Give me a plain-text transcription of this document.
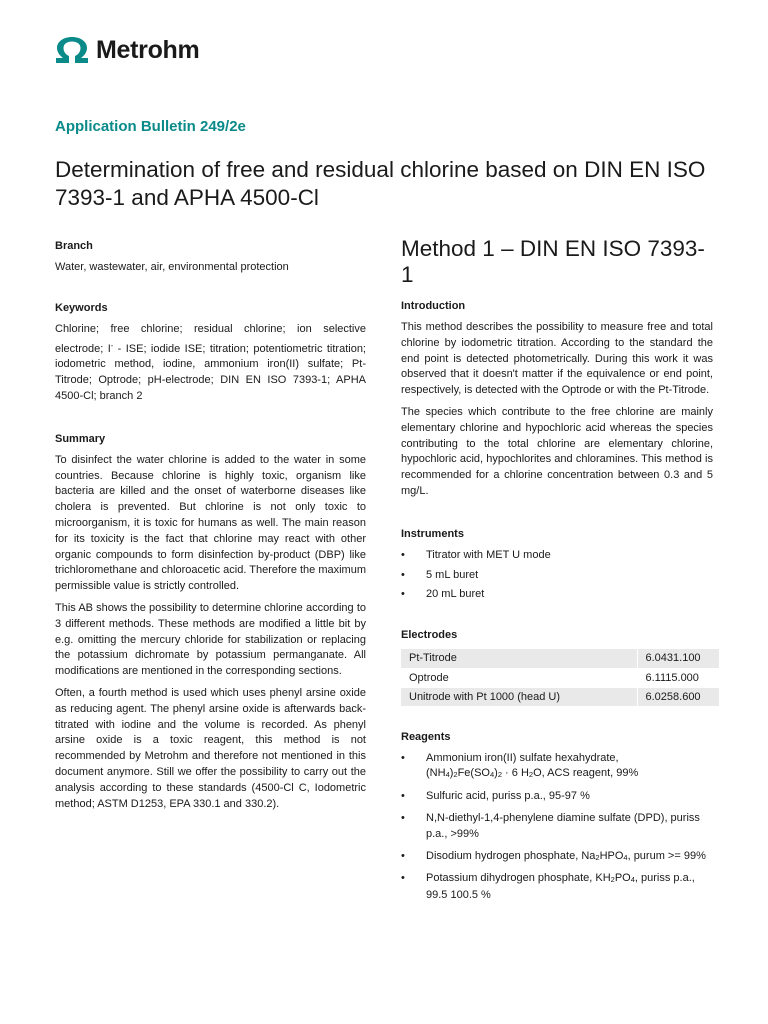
Metrohm
Application Bulletin 249/2e
Determination of free and residual chlorine based on DIN EN ISO 7393-1 and APHA 4500-Cl
Branch
Water, wastewater, air, environmental protection
Keywords
Chlorine; free chlorine; residual chlorine; ion selective electrode; I- - ISE; iodide ISE; titration; potentiometric titration; iodometric method, iodine, ammonium iron(II) sulfate; Pt-Titrode; Optrode; pH-electrode; DIN EN ISO 7393-1; APHA 4500-Cl; branch 2
Summary
To disinfect the water chlorine is added to the water in some countries. Because chlorine is highly toxic, organism like bacteria are killed and the onset of waterborne diseases like cholera is prevented. But chlorine is not only toxic to microorganism, it is toxic for humans as well. The main reason for its toxicity is the fact that chlorine may react with other organic compounds to form disinfection by-product (DBP) like trichloromethane and chloroacetic acid. Therefore the maximum permissible value is strictly controlled.
This AB shows the possibility to determine chlorine according to 3 different methods. These methods are modified a little bit by e.g. omitting the mercury chloride for stabilization or replacing the potassium dichromate by potassium permanganate. All modifications are mentioned in the corresponding sections.
Often, a fourth method is used which uses phenyl arsine oxide as reducing agent. The phenyl arsine oxide is afterwards back-titrated with iodine and the volume is recorded. As phenyl arsine oxide is a toxic reagent, this method is not recommended by Metrohm and therefore not mentioned in this document anymore. Still we offer the possibility to carry out the analysis according to these standards (4500-Cl C, Iodometric method; ASTM D1253, EPA 330.1 and 330.2).
Method 1 – DIN EN ISO 7393-1
Introduction
This method describes the possibility to measure free and total chlorine by iodometric titration. According to the standard the end point is detected photometrically. During this work it was observed that it doesn't matter if the equivalence or end point, respectively, is detected with the Optrode or with the Pt-Titrode.
The species which contribute to the free chlorine are mainly elementary chlorine and hypochloric acid whereas the species contributing to the total chlorine are elementary chlorine, hypochloric acid, hypochlorites and chloramines. This method is recommended for a chlorine concentration between 0.3 and 5 mg/L.
Instruments
• Titrator with MET U mode
• 5 mL buret
• 20 mL buret
Electrodes
Pt-Titrode	6.0431.100
Optrode	6.1115.000
Unitrode with Pt 1000 (head U)	6.0258.600
Reagents
• Ammonium iron(II) sulfate hexahydrate,
$(NH_4)_2Fe(SO_4)_2 \cdot 6$ $H_2O$, ACS reagent, 99%
• Sulfuric acid, puriss p.a., 95-97 %
• N,N-diethyl-1,4-phenylene diamine sulfate (DPD), puriss p.a., >99%
• Disodium hydrogen phosphate, $Na_2HPO_4$, purum >= 99%
• Potassium dihydrogen phosphate, $KH_2PO_4$, puriss p.a., 99.5 100.5 %
